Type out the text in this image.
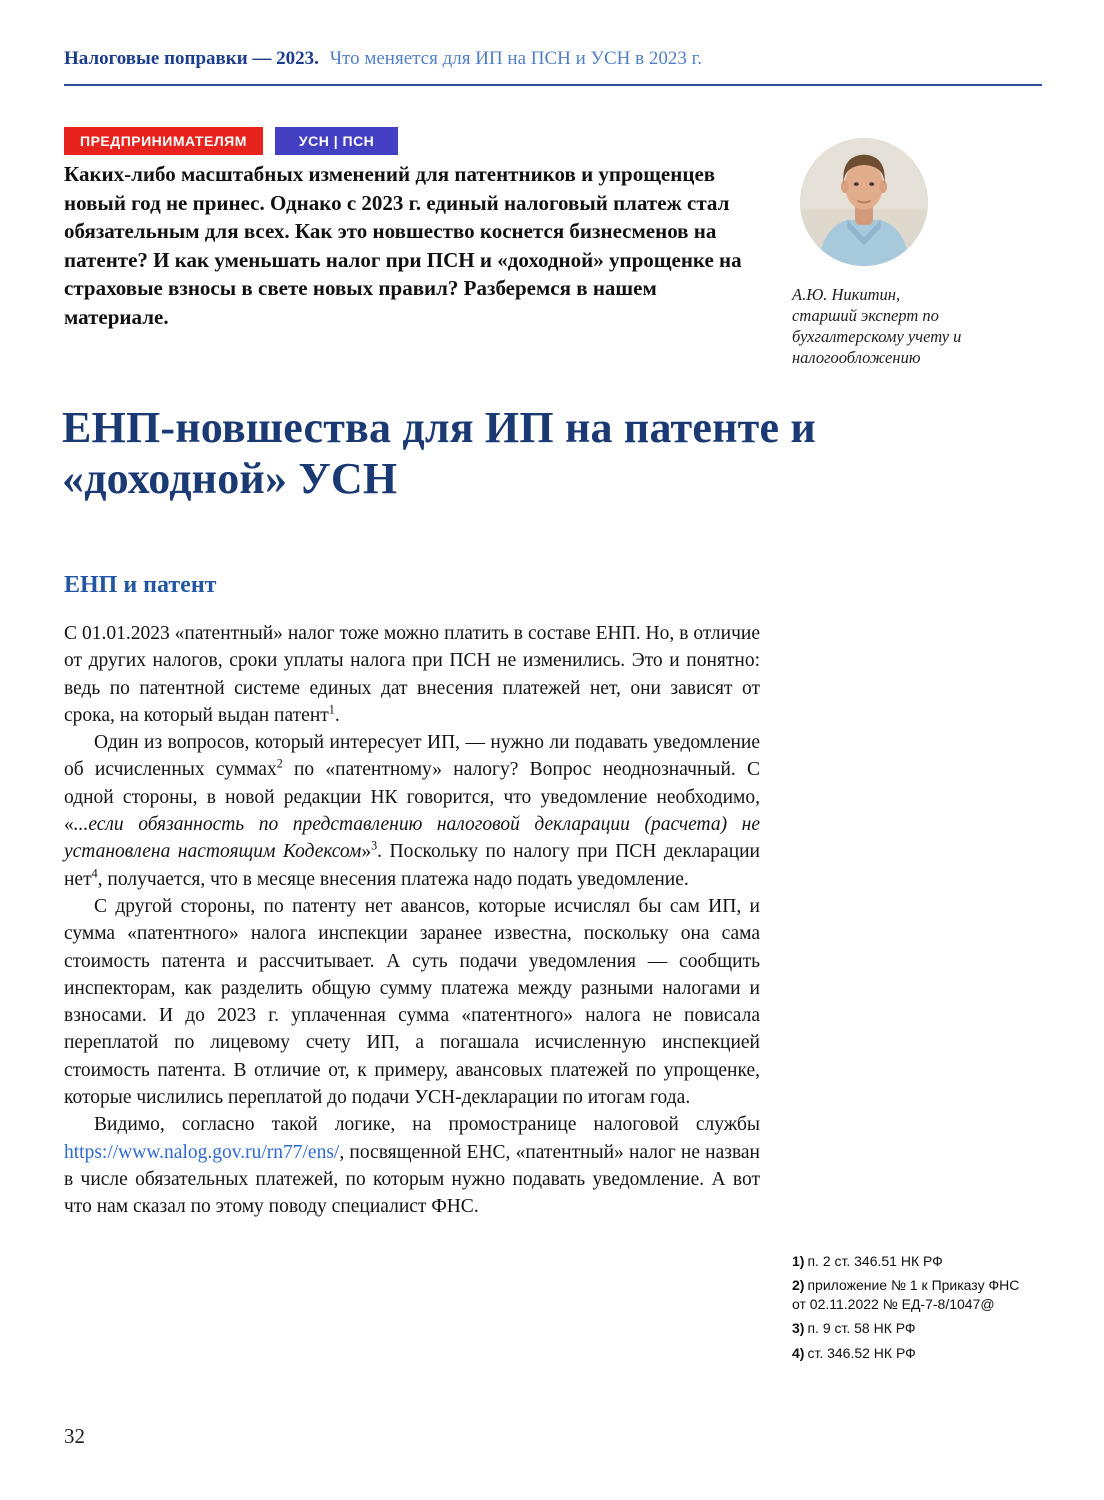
Налоговые поправки — 2023. Что меняется для ИП на ПСН и УСН в 2023 г.
ПРЕДПРИНИМАТЕЛЯМ	УСН | ПСН

Каких-либо масштабных изменений для патентников и упрощенцев новый год не принес. Однако с 2023 г. единый налоговый платеж стал обязательным для всех. Как это новшество коснется бизнесменов на патенте? И как уменьшать налог при ПСН и «доходной» упрощенке на страховые взносы в свете новых правил? Разберемся в нашем материале.

А.Ю. Никитин,
старший эксперт по бухгалтерскому учету и налогообложению
ЕНП-новшества для ИП на патенте и «доходной» УСН
ЕНП и патент

С 01.01.2023 «патентный» налог тоже можно платить в составе ЕНП. Но, в отличие от других налогов, сроки уплаты налога при ПСН не изменились. Это и понятно: ведь по патентной системе единых дат внесения платежей нет, они зависят от срока, на который выдан патент$^1$.

Один из вопросов, который интересует ИП, — нужно ли подавать уведомление об исчисленных суммах$^2$ по «патентному» налогу? Вопрос неоднозначный. С одной стороны, в новой редакции НК говорится, что уведомление необходимо, «...если обязанность по представлению налоговой декларации (расчета) не установлена настоящим Кодексом»$^3$. Поскольку по налогу при ПСН декларации нет$^4$, получается, что в месяце внесения платежа надо подать уведомление.

С другой стороны, по патенту нет авансов, которые исчислял бы сам ИП, и сумма «патентного» налога инспекции заранее известна, поскольку она сама стоимость патента и рассчитывает. А суть подачи уведомления — сообщить инспекторам, как разделить общую сумму платежа между разными налогами и взносами. И до 2023 г. уплаченная сумма «патентного» налога не повисала переплатой по лицевому счету ИП, а погашала исчисленную инспекцией стоимость патента. В отличие от, к примеру, авансовых платежей по упрощенке, которые числились переплатой до подачи УСН-декларации по итогам года.

Видимо, согласно такой логике, на промостранице налоговой службы https://www.nalog.gov.ru/rn77/ens/, посвященной ЕНС, «патентный» налог не назван в числе обязательных платежей, по которым нужно подавать уведомление. А вот что нам сказал по этому поводу специалист ФНС.

1) п. 2 ст. 346.51 НК РФ
2) приложение № 1 к Приказу ФНС от 02.11.2022 № ЕД-7-8/1047@
3) п. 9 ст. 58 НК РФ
4) ст. 346.52 НК РФ
32
